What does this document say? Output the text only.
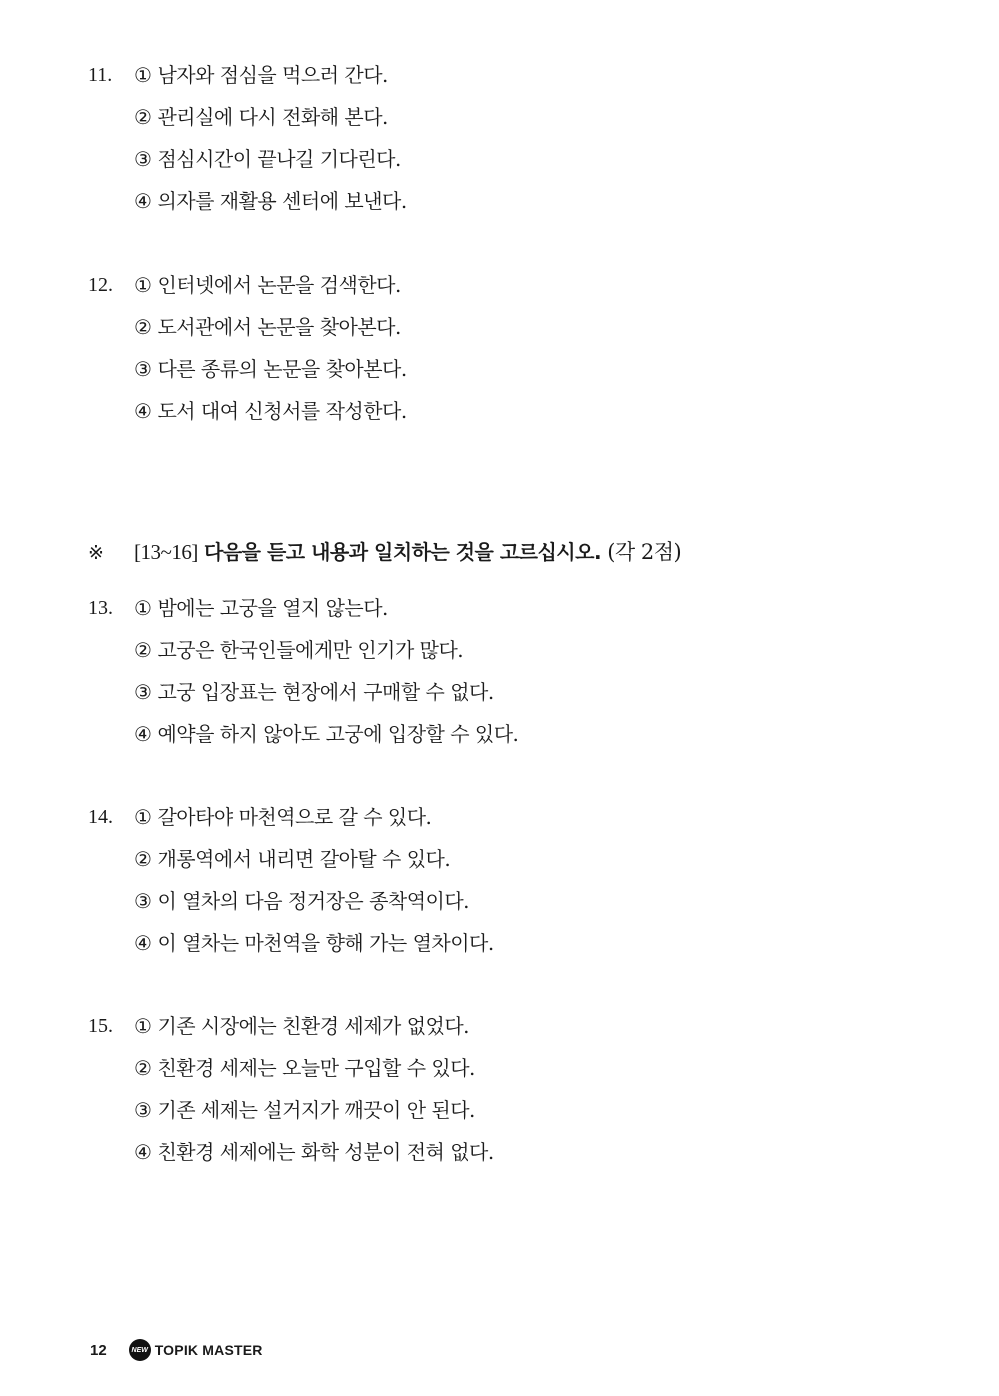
11. ① 남자와 점심을 먹으러 간다.
② 관리실에 다시 전화해 본다.
③ 점심시간이 끝나길 기다린다.
④ 의자를 재활용 센터에 보낸다.
12. ① 인터넷에서 논문을 검색한다.
② 도서관에서 논문을 찾아본다.
③ 다른 종류의 논문을 찾아본다.
④ 도서 대여 신청서를 작성한다.
※ [13~16] 다음을 듣고 내용과 일치하는 것을 고르십시오. (각 2점)
13. ① 밤에는 고궁을 열지 않는다.
② 고궁은 한국인들에게만 인기가 많다.
③ 고궁 입장표는 현장에서 구매할 수 없다.
④ 예약을 하지 않아도 고궁에 입장할 수 있다.
14. ① 갈아타야 마천역으로 갈 수 있다.
② 개롱역에서 내리면 갈아탈 수 있다.
③ 이 열차의 다음 정거장은 종착역이다.
④ 이 열차는 마천역을 향해 가는 열차이다.
15. ① 기존 시장에는 친환경 세제가 없었다.
② 친환경 세제는 오늘만 구입할 수 있다.
③ 기존 세제는 설거지가 깨끗이 안 된다.
④ 친환경 세제에는 화학 성분이 전혀 없다.
12	NEW TOPIK MASTER
